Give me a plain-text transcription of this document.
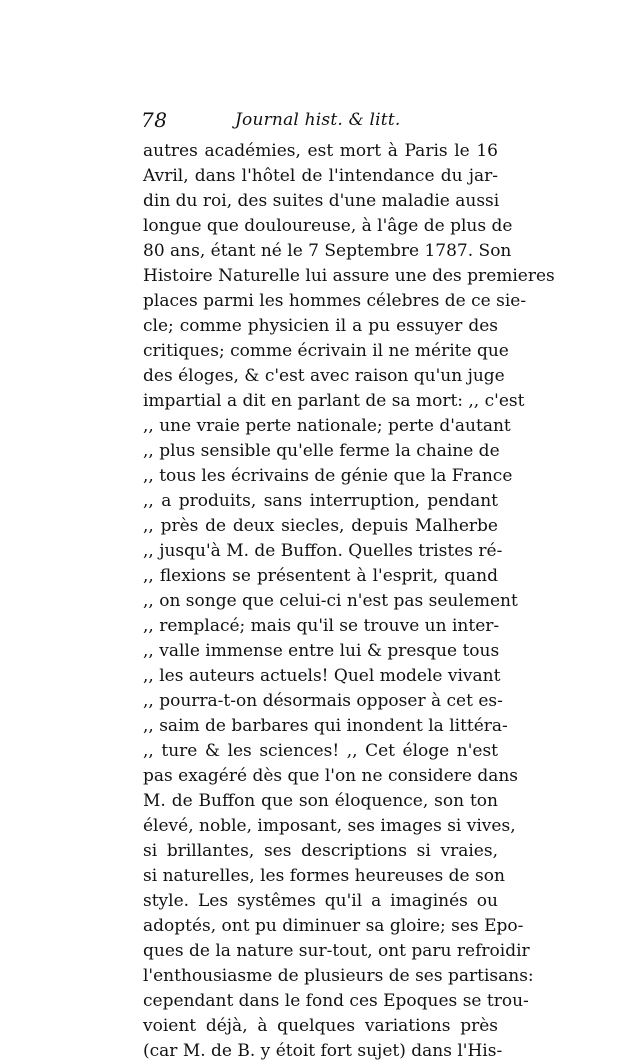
78	Journal hist. & litt.
autres académies, est mort à Paris le 16
Avril, dans l'hôtel de l'intendance du jar-
din du roi, des suites d'une maladie aussi
longue que douloureuse, à l'âge de plus de
80 ans, étant né le 7 Septembre 1787. Son
Histoire Naturelle lui assure une des premieres
places parmi les hommes célebres de ce sie-
cle; comme physicien il a pu essuyer des
critiques; comme écrivain il ne mérite que
des éloges, & c'est avec raison qu'un juge
impartial a dit en parlant de sa mort: ,, c'est
,, une vraie perte nationale; perte d'autant
,, plus sensible qu'elle ferme la chaine de
,, tous les écrivains de génie que la France
,, a produits, sans interruption, pendant
,, près de deux siecles, depuis Malherbe
,, jusqu'à M. de Buffon. Quelles tristes ré-
,, flexions se présentent à l'esprit, quand
,, on songe que celui-ci n'est pas seulement
,, remplacé; mais qu'il se trouve un inter-
,, valle immense entre lui & presque tous
,, les auteurs actuels! Quel modele vivant
,, pourra-t-on désormais opposer à cet es-
,, saim de barbares qui inondent la littéra-
,, ture & les sciences! ,, Cet éloge n'est
pas exagéré dès que l'on ne considere dans
M. de Buffon que son éloquence, son ton
élevé, noble, imposant, ses images si vives,
si brillantes, ses descriptions si vraies,
si naturelles, les formes heureuses de son
style. Les systêmes qu'il a imaginés ou
adoptés, ont pu diminuer sa gloire; ses Epo-
ques de la nature sur-tout, ont paru refroidir
l'enthousiasme de plusieurs de ses partisans:
cependant dans le fond ces Epoques se trou-
voient déjà, à quelques variations près
(car M. de B. y étoit fort sujet) dans l'His-
